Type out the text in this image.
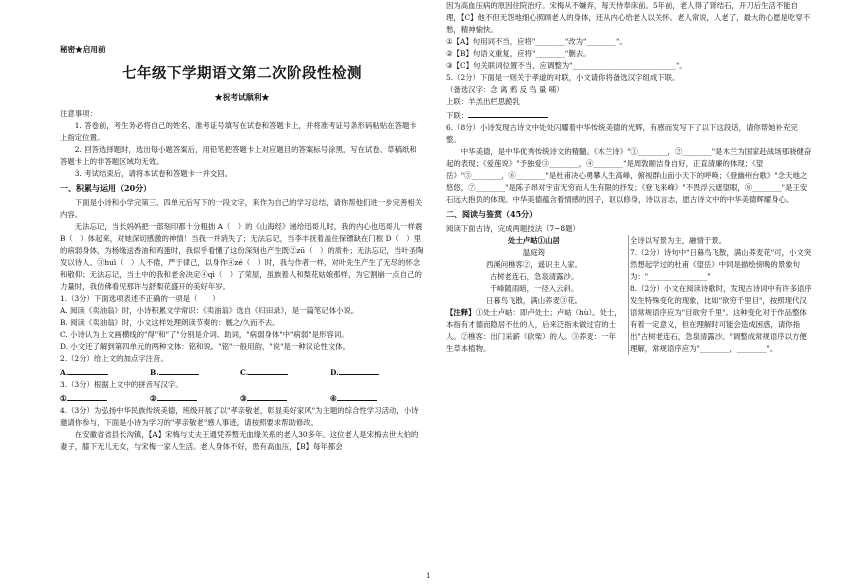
秘密★启用前
七年级下学期语文第二次阶段性检测
★祝考试顺利★

注意事项：

1. 答卷前，考生务必将自己的姓名、准考证号填写在试卷和答题卡上，并将准考证号条形码粘贴在答题卡上指定位置。

2. 回答选择题时，选出每小题答案后，用铅笔把答题卡上对应题目的答案标号涂黑，写在试卷、草稿纸和答题卡上的非答题区域均无效。

3. 考试结束后，请将本试卷和答题卡一并交回。

一、积累与运用（20分）

下面是小诗和小学完第三、四单元后写下的一段文字，来作为自己的学习总结，请你帮他们进一步完善相关内容。

无法忘记，当长妈妈把一部刻印都十分粗拙 A（　）的《山海经》递给迅哥儿时，我的内心也迅哥儿一样震 B（　）体起来，对她深切感激的神情！当我一并消失了；无法忘记，当李丰抚着盖住保镖缺在门框 D（　）里的病弱身体，为杨缘送香油和鸡蛋时，我似乎看懂了这份深刻也产生既②zū（　）的质朴；无法忘记，当叶圣陶发以待人、③huì（　）人不倦，严于律己，以身作④zé（　）时，我与作者一样，对叶先生产生了无尽的怀念和敬仰；无法忘记，当土中的我和老舍决定④qì（　）了荣屋，虽族着人和梨花姑娘那样，为它割崩一点自己的力量时，我仿佛看见那许与舒梨花盛开的美好年岁。

1.（3分）下面选项表述不正确的一项是（　　）

A. 阅读《卖油翁》时，小诗积累文学常识：《卖油翁》选自《归田录》，是一篇笔记体小说。

B. 阅读《卖油翁》时，小文这样处理朗读节奏的：厩之/久而不去。

C. 小诗认为上文画横线的"得"和"了"分别是介词、助词，"病弱身体"中"病弱"是形容词。

D. 小文还了解到第四单元的两种文体：铭和说。"铭"一般用韵，"说"是一种议论性文体。

2.（2分）给上文的加点字注音。

A.	B.	C.	D.

3.（3分）根据上文中的拼音写汉字。

①	②	③	④

4.（3分）为弘扬中华民族传统美德，班级开展了以"孝亲敬老，彰显美好家风"为主题的综合性学习活动，小诗邀请你参与，下面是小诗为学习的"孝亲敬老"感人事迹，请按照要求帮助修改。

在安徽省省县长沟镇，【A】宋梅与丈夫王通凭养赘无血缘关系的老人30多年。这位老人是宋梅去世大伯的妻子，膝下无儿无女，与宋梅一家人生活。老人身体不好，患有高血压，【B】每年都会

因为高血压病的原因住院治疗。宋梅从不嫌弃，每天侍奉床前。5年前，老人得了肾结石，开刀后生活不能自理，【C】他不但无怨地细心照顾老人的身体，还从内心给老人以关怀。老人常说，人老了，最大的心愿是吃穿不愁，精神愉快。

①【A】句用词不当，应将"________"改为"________"。

②【B】句语义重复，应将"________"删去。

③【C】句关联词位置不当，应调整为"____________________________"。

5.（2分）下面是一则关于孝道的对联，小文请你将备选汉字组成下联。

（备选汉字：念 离 鸦 反 鸟 量 哺）

上联：羊羔出栏思跪乳

下联：

6.（8分）小诗发现古诗文中处处闪耀着中华传统美德的光辉，有感而发写下了以下这段话，请你帮她补充完整。

中华美德，是中华优秀传统诗文的精髓。《木兰诗》"①________，②________"是木兰为国家赴战场那骁健奋起的表现；《爱莲说》"予独爱③________，④________"是周敦颐洁身自好，正直清廉的体现；《望岳》"⑤________，⑥________"是杜甫决心勇攀人生高峰，俯视群山而小天下的呼唤；《登幽州台歌》"念天地之悠悠，⑦________"是陈子昂对宇宙无穷而人生有限的抒发；《登飞来峰》"不畏浮云遮望眼，⑧________"是王安石远大抱负的体现。中华美德蕴含着情感的因子，讴以修身，诗以言志，愿古诗文中的中华美德辉耀身心。

二、阅读与鉴赏（45分）

阅读下面古诗，完成两题技法（7~8题）

处士卢岵①山居
温庭筠
西溪问樵客②，遥识主人家。
古树老连石，急泉清露沙。
千峰随雨暗，一径入云斜。
日暮鸟飞散，满山荞麦③花。

【注释】①处士卢岵：即卢处士；卢岵（hù）。处士，本指有才德而隐居不仕的人，后来泛指未做过官的士人。②樵客：出门采薪（砍柴）的人。③荞麦：一年生草本植物。

全诗以写景为主，融情于景。

7.（2分）诗句中"日暮鸟飞散，满山荞麦花"可，小文突然想起学过的杜甫《望岳》中同是描绘傍晚的景象句为："________________"

8.（2分）小文在阅读诗歌时，发现古诗词中有许多语序发生特殊变化的现象，比如"欲穷千里目"，按照现代汉语常规语序应为"目欲穷千里"。这种变化对于作品整体有着一定意义，但在理解时可能会造成困惑，请你指出"古树老连石，急泉清露沙。"调整成常规语序以方便理解，常规语序应为"________，________"。

1
